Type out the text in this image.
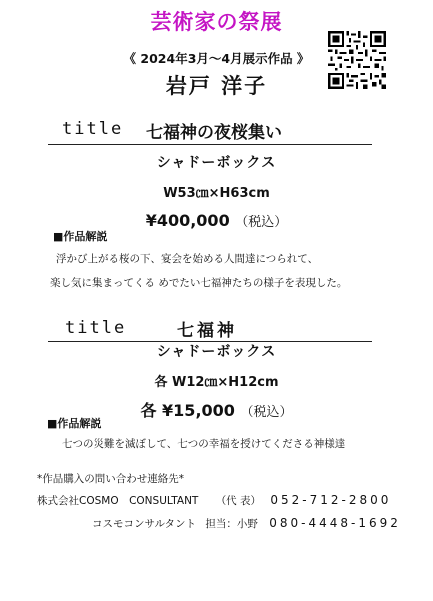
芸術家の祭展
《 2024年3月～4月展示作品 》
岩戸 洋子
title 七福神の夜桜集い
シャドーボックス
W53㎝×H63cm
¥400,000 （税込）
■作品解説
浮かび上がる桜の下、宴会を始める人間達につられて、
楽し気に集まってくる めでたい七福神たちの様子を表現した。
title	七福神
シャドーボックス
各 W12㎝×H12cm
各 ¥15,000 （税込）
■作品解説
七つの災難を滅ぼして、七つの幸福を授けてくださる神様達
*作品購入の問い合わせ連絡先*
株式会社COSMO　CONSULTANT （代 表） 052-712-2800
コスモコンサルタント 担当：小野 080-4448-1692
